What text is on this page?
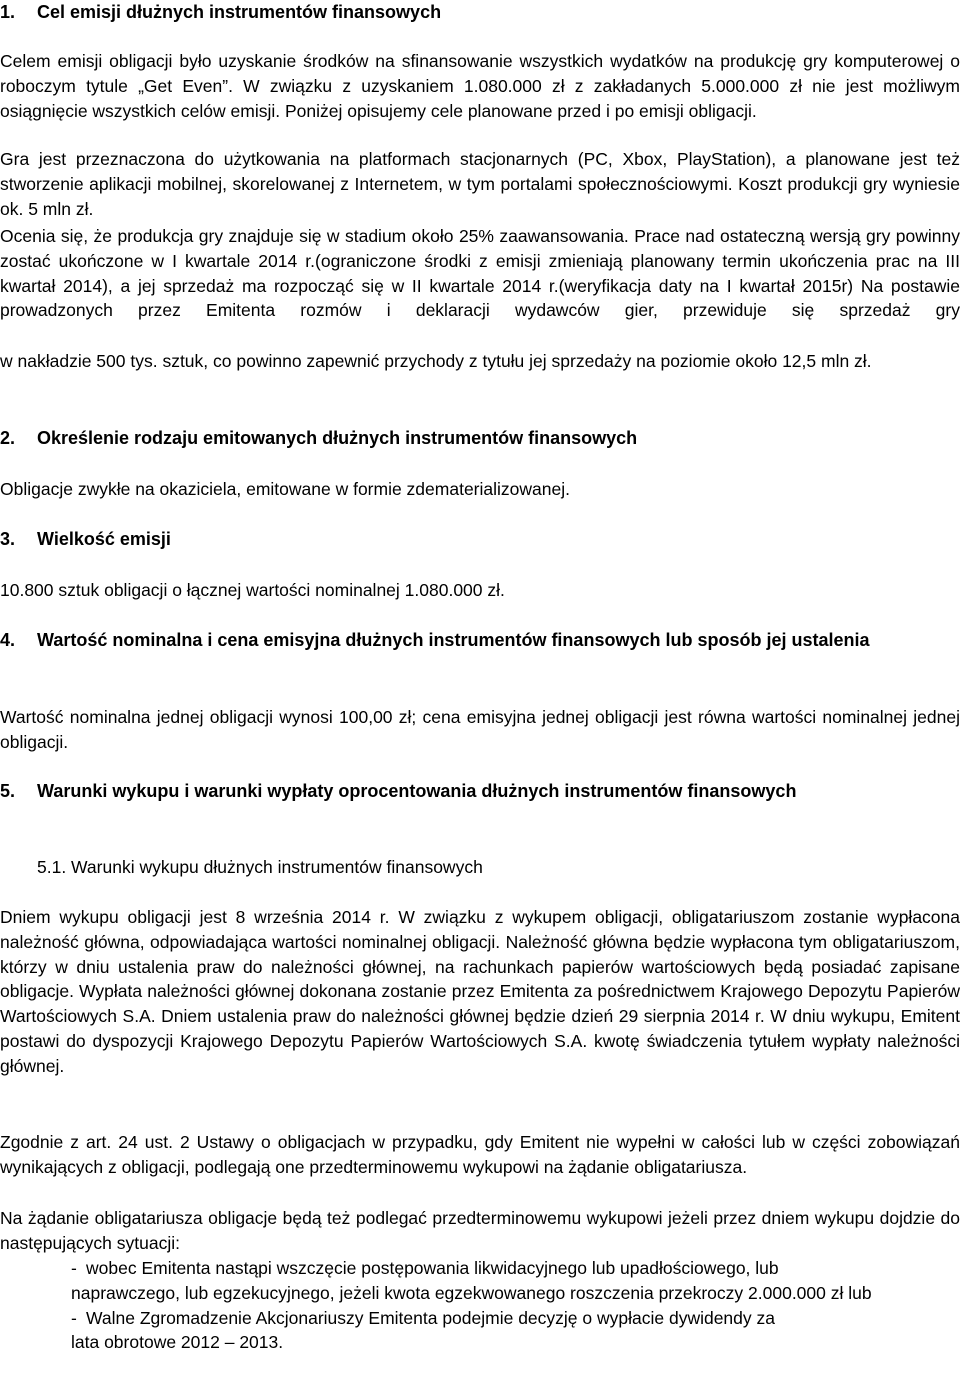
1. Cel emisji dłużnych instrumentów finansowych
Celem emisji obligacji było uzyskanie środków na sfinansowanie wszystkich wydatków na produkcję gry komputerowej o roboczym tytule „Get Even”. W związku z uzyskaniem 1.080.000 zł z zakładanych 5.000.000 zł nie jest możliwym osiągnięcie wszystkich celów emisji. Poniżej opisujemy cele planowane przed i po emisji obligacji.
Gra jest przeznaczona do użytkowania na platformach stacjonarnych (PC, Xbox, PlayStation), a planowane jest też stworzenie aplikacji mobilnej, skorelowanej z Internetem, w tym portalami społecznościowymi. Koszt produkcji gry wyniesie ok. 5 mln zł.
Ocenia się, że produkcja gry znajduje się w stadium około 25% zaawansowania. Prace nad ostateczną wersją gry powinny zostać ukończone w I kwartale 2014 r.(ograniczone środki z emisji zmieniają planowany termin ukończenia prac na III kwartał 2014), a jej sprzedaż ma rozpocząć się w II kwartale 2014 r.(weryfikacja daty na I kwartał 2015r) Na postawie prowadzonych przez Emitenta rozmów i deklaracji wydawców gier, przewiduje się sprzedaż gry
w nakładzie 500 tys. sztuk, co powinno zapewnić przychody z tytułu jej sprzedaży na poziomie około 12,5 mln zł.
2. Określenie rodzaju emitowanych dłużnych instrumentów finansowych
Obligacje zwykłe na okaziciela, emitowane w formie zdematerializowanej.
3. Wielkość emisji
10.800 sztuk obligacji o łącznej wartości nominalnej 1.080.000 zł.
4. Wartość nominalna i cena emisyjna dłużnych instrumentów finansowych lub sposób jej ustalenia
Wartość nominalna jednej obligacji wynosi 100,00 zł; cena emisyjna jednej obligacji jest równa wartości nominalnej jednej obligacji.
5. Warunki wykupu i warunki wypłaty oprocentowania dłużnych instrumentów finansowych
5.1. Warunki wykupu dłużnych instrumentów finansowych
Dniem wykupu obligacji jest 8 września 2014 r. W związku z wykupem obligacji, obligatariuszom zostanie wypłacona należność główna, odpowiadająca wartości nominalnej obligacji. Należność główna będzie wypłacona tym obligatariuszom, którzy w dniu ustalenia praw do należności głównej, na rachunkach papierów wartościowych będą posiadać zapisane obligacje. Wypłata należności głównej dokonana zostanie przez Emitenta za pośrednictwem Krajowego Depozytu Papierów Wartościowych S.A. Dniem ustalenia praw do należności głównej będzie dzień 29 sierpnia 2014 r. W dniu wykupu, Emitent postawi do dyspozycji Krajowego Depozytu Papierów Wartościowych S.A. kwotę świadczenia tytułem wypłaty należności głównej.
Zgodnie z art. 24 ust. 2 Ustawy o obligacjach w przypadku, gdy Emitent nie wypełni w całości lub w części zobowiązań wynikających z obligacji, podlegają one przedterminowemu wykupowi na żądanie obligatariusza.
Na żądanie obligatariusza obligacje będą też podlegać przedterminowemu wykupowi jeżeli przez dniem wykupu dojdzie do następujących sytuacji:
- wobec Emitenta nastąpi wszczęcie postępowania likwidacyjnego lub upadłościowego, lub
naprawczego, lub egzekucyjnego, jeżeli kwota egzekwowanego roszczenia przekroczy 2.000.000 zł lub
- Walne Zgromadzenie Akcjonariuszy Emitenta podejmie decyzję o wypłacie dywidendy za
lata obrotowe 2012 – 2013.
